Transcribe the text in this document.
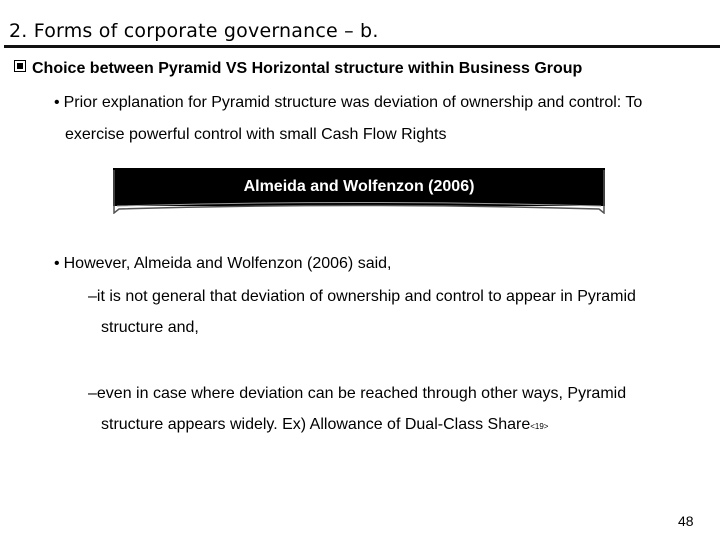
2. Forms of corporate governance – b.
Choice between Pyramid VS Horizontal structure within Business Group
• Prior explanation for Pyramid structure was deviation of ownership and control: To
exercise powerful control with small Cash Flow Rights
Almeida and Wolfenzon (2006)
• However, Almeida and Wolfenzon (2006) said,
–it is not general that deviation of ownership and control to appear in Pyramid
structure and,
–even in case where deviation can be reached through other ways, Pyramid
structure appears widely. Ex) Allowance of Dual-Class Share<19>
48
